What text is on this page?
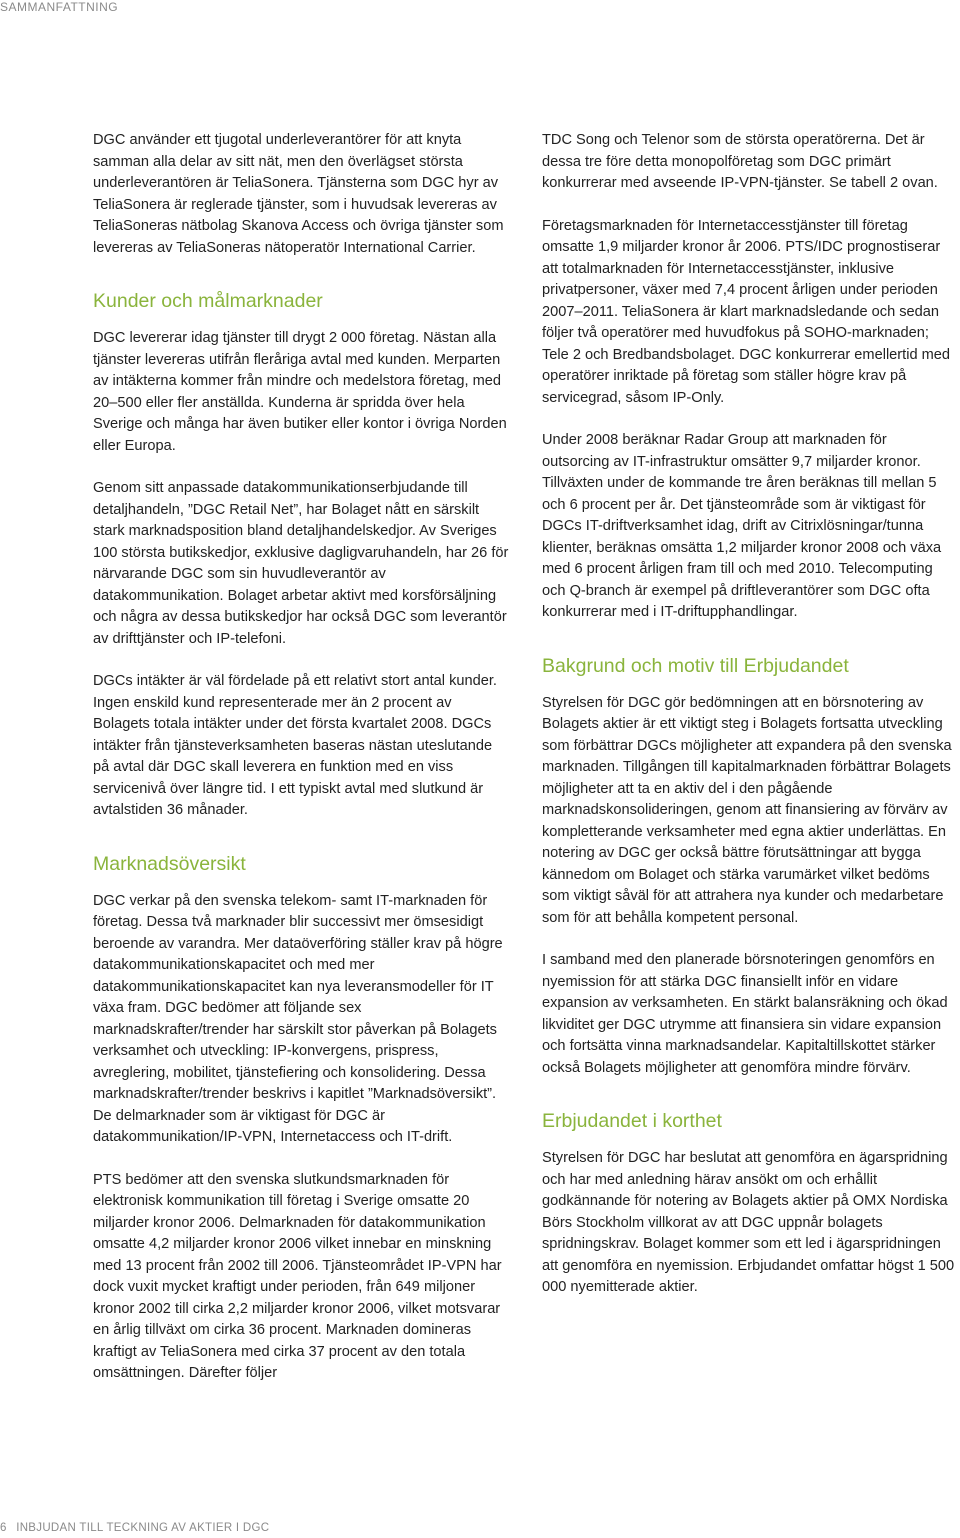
SAMMANFATTNING

DGC använder ett tjugotal underleverantörer för att knyta samman alla delar av sitt nät, men den överlägset största underleverantören är TeliaSonera. Tjänsterna som DGC hyr av TeliaSonera är reglerade tjänster, som i huvudsak levereras av TeliaSoneras nätbolag Skanova Access och övriga tjänster som levereras av TeliaSoneras nätoperatör International Carrier.

Kunder och målmarknader

DGC levererar idag tjänster till drygt 2 000 företag. Nästan alla tjänster levereras utifrån fleråriga avtal med kunden. Merparten av intäkterna kommer från mindre och medelstora företag, med 20–500 eller fler anställda. Kunderna är spridda över hela Sverige och många har även butiker eller kontor i övriga Norden eller Europa.

Genom sitt anpassade datakommunikationserbjudande till detaljhandeln, ”DGC Retail Net”, har Bolaget nått en särskilt stark marknadsposition bland detaljhandelskedjor. Av Sveriges 100 största butikskedjor, exklusive dagligvaruhandeln, har 26 för närvarande DGC som sin huvudleverantör av datakommunikation. Bolaget arbetar aktivt med korsförsäljning och några av dessa butikskedjor har också DGC som leverantör av drifttjänster och IP-telefoni.

DGCs intäkter är väl fördelade på ett relativt stort antal kunder. Ingen enskild kund representerade mer än 2 procent av Bolagets totala intäkter under det första kvartalet 2008. DGCs intäkter från tjänsteverksamheten baseras nästan uteslutande på avtal där DGC skall leverera en funktion med en viss servicenivå över längre tid. I ett typiskt avtal med slutkund är avtalstiden 36 månader.

Marknadsöversikt

DGC verkar på den svenska telekom- samt IT-marknaden för företag. Dessa två marknader blir successivt mer ömsesidigt beroende av varandra. Mer dataöverföring ställer krav på högre datakommunikationskapacitet och med mer datakommunikationskapacitet kan nya leveransmodeller för IT växa fram. DGC bedömer att följande sex marknadskrafter/trender har särskilt stor påverkan på Bolagets verksamhet och utveckling: IP-konvergens, prispress, avreglering, mobilitet, tjänstefiering och konsolidering. Dessa marknadskrafter/trender beskrivs i kapitlet ”Marknadsöversikt”. De delmarknader som är viktigast för DGC är datakommunikation/IP-VPN, Internetaccess och IT-drift.

PTS bedömer att den svenska slutkundsmarknaden för elektronisk kommunikation till företag i Sverige omsatte 20 miljarder kronor 2006. Delmarknaden för datakommunikation omsatte 4,2 miljarder kronor 2006 vilket innebar en minskning med 13 procent från 2002 till 2006. Tjänsteområdet IP-VPN har dock vuxit mycket kraftigt under perioden, från 649 miljoner kronor 2002 till cirka 2,2 miljarder kronor 2006, vilket motsvarar en årlig tillväxt om cirka 36 procent. Marknaden domineras kraftigt av TeliaSonera med cirka 37 procent av den totala omsättningen. Därefter följer

TDC Song och Telenor som de största operatörerna. Det är dessa tre före detta monopolföretag som DGC primärt konkurrerar med avseende IP-VPN-tjänster. Se tabell 2 ovan.

Företagsmarknaden för Internetaccesstjänster till företag omsatte 1,9 miljarder kronor år 2006. PTS/IDC prognostiserar att totalmarknaden för Internetaccesstjänster, inklusive privatpersoner, växer med 7,4 procent årligen under perioden 2007–2011. TeliaSonera är klart marknadsledande och sedan följer två operatörer med huvudfokus på SOHO-marknaden; Tele 2 och Bredbandsbolaget. DGC konkurrerar emellertid med operatörer inriktade på företag som ställer högre krav på servicegrad, såsom IP-Only.

Under 2008 beräknar Radar Group att marknaden för outsorcing av IT-infrastruktur omsätter 9,7 miljarder kronor. Tillväxten under de kommande tre åren beräknas till mellan 5 och 6 procent per år. Det tjänsteområde som är viktigast för DGCs IT-driftverksamhet idag, drift av Citrixlösningar/tunna klienter, beräknas omsätta 1,2 miljarder kronor 2008 och växa med 6 procent årligen fram till och med 2010. Telecomputing och Q-branch är exempel på driftleverantörer som DGC ofta konkurrerar med i IT-driftupphandlingar.

Bakgrund och motiv till Erbjudandet

Styrelsen för DGC gör bedömningen att en börsnotering av Bolagets aktier är ett viktigt steg i Bolagets fortsatta utveckling som förbättrar DGCs möjligheter att expandera på den svenska marknaden. Tillgången till kapitalmarknaden förbättrar Bolagets möjligheter att ta en aktiv del i den pågående marknadskonsolideringen, genom att finansiering av förvärv av kompletterande verksamheter med egna aktier underlättas. En notering av DGC ger också bättre förutsättningar att bygga kännedom om Bolaget och stärka varumärket vilket bedöms som viktigt såväl för att attrahera nya kunder och medarbetare som för att behålla kompetent personal.

I samband med den planerade börsnoteringen genomförs en nyemission för att stärka DGC finansiellt inför en vidare expansion av verksamheten. En stärkt balansräkning och ökad likviditet ger DGC utrymme att finansiera sin vidare expansion och fortsätta vinna marknadsandelar. Kapitaltillskottet stärker också Bolagets möjligheter att genomföra mindre förvärv.

Erbjudandet i korthet

Styrelsen för DGC har beslutat att genomföra en ägarspridning och har med anledning härav ansökt om och erhållit godkännande för notering av Bolagets aktier på OMX Nordiska Börs Stockholm villkorat av att DGC uppnår bolagets spridningskrav. Bolaget kommer som ett led i ägarspridningen att genomföra en nyemission. Erbjudandet omfattar högst 1 500 000 nyemitterade aktier.

6 INBJUDAN TILL TECKNING AV AKTIER I DGC
